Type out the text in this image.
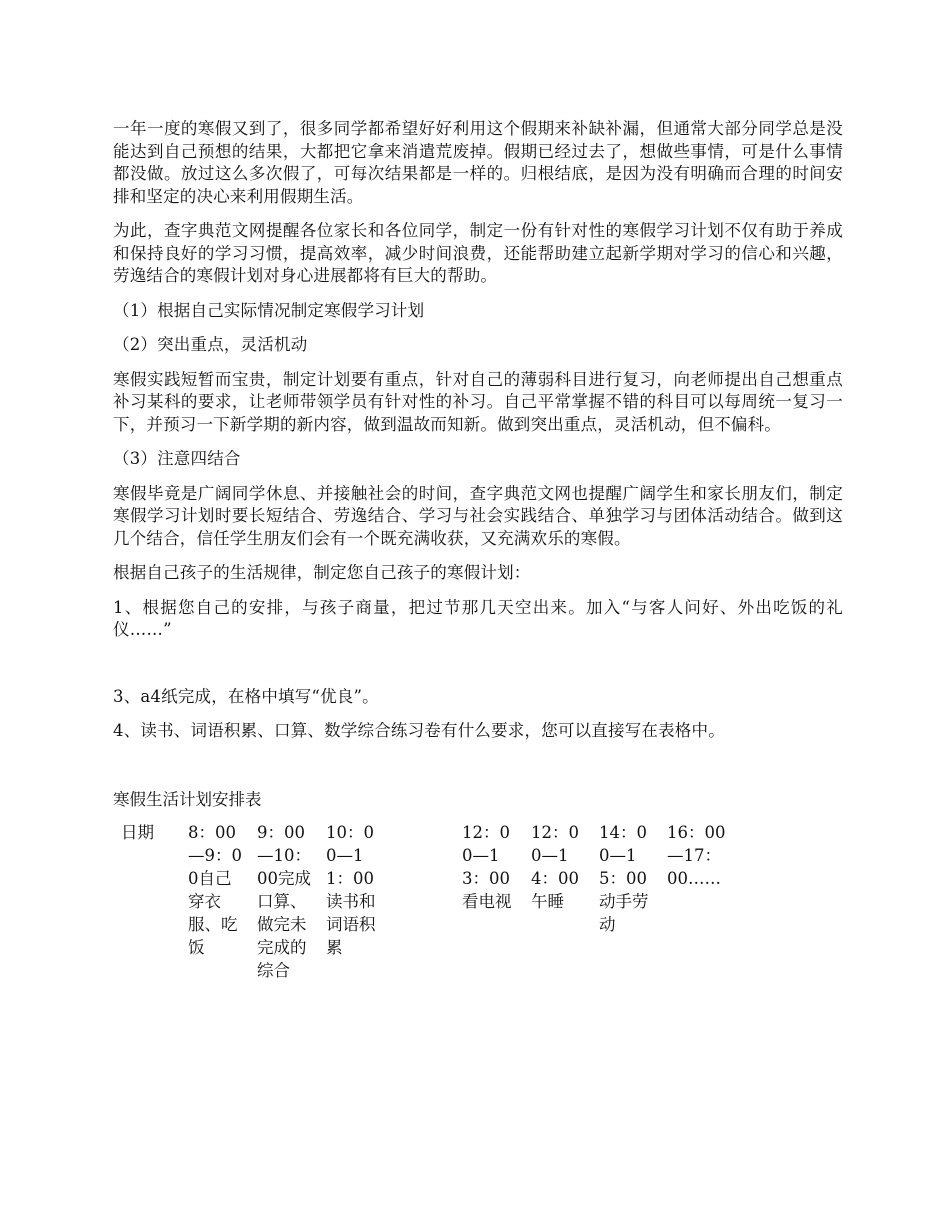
一年一度的寒假又到了，很多同学都希望好好利用这个假期来补缺补漏，但通常大部分同学总是没能达到自己预想的结果，大都把它拿来消遣荒废掉。假期已经过去了，想做些事情，可是什么事情都没做。放过这么多次假了，可每次结果都是一样的。归根结底，是因为没有明确而合理的时间安排和坚定的决心来利用假期生活。

为此，查字典范文网提醒各位家长和各位同学，制定一份有针对性的寒假学习计划不仅有助于养成和保持良好的学习习惯，提高效率，减少时间浪费，还能帮助建立起新学期对学习的信心和兴趣，劳逸结合的寒假计划对身心进展都将有巨大的帮助。

（1）根据自己实际情况制定寒假学习计划

（2）突出重点，灵活机动

寒假实践短暂而宝贵，制定计划要有重点，针对自己的薄弱科目进行复习，向老师提出自己想重点补习某科的要求，让老师带领学员有针对性的补习。自己平常掌握不错的科目可以每周统一复习一下，并预习一下新学期的新内容，做到温故而知新。做到突出重点，灵活机动，但不偏科。

（3）注意四结合

寒假毕竟是广阔同学休息、并接触社会的时间，查字典范文网也提醒广阔学生和家长朋友们，制定寒假学习计划时要长短结合、劳逸结合、学习与社会实践结合、单独学习与团体活动结合。做到这几个结合，信任学生朋友们会有一个既充满收获，又充满欢乐的寒假。

根据自己孩子的生活规律，制定您自己孩子的寒假计划：

1、根据您自己的安排，与孩子商量，把过节那几天空出来。加入“与客人问好、外出吃饭的礼仪……”

3、a4纸完成，在格中填写“优良”。

4、读书、词语积累、口算、数学综合练习卷有什么要求，您可以直接写在表格中。

寒假生活计划安排表

日期	8：00—9：00自己穿衣服、吃饭
9：00—10：00完成口算、做完未完成的综合
10：00—11：00读书和词语积累
12：00—13：00看电视
12：00—14：00午睡
14：00—15：00动手劳动
16：00—17：00……
